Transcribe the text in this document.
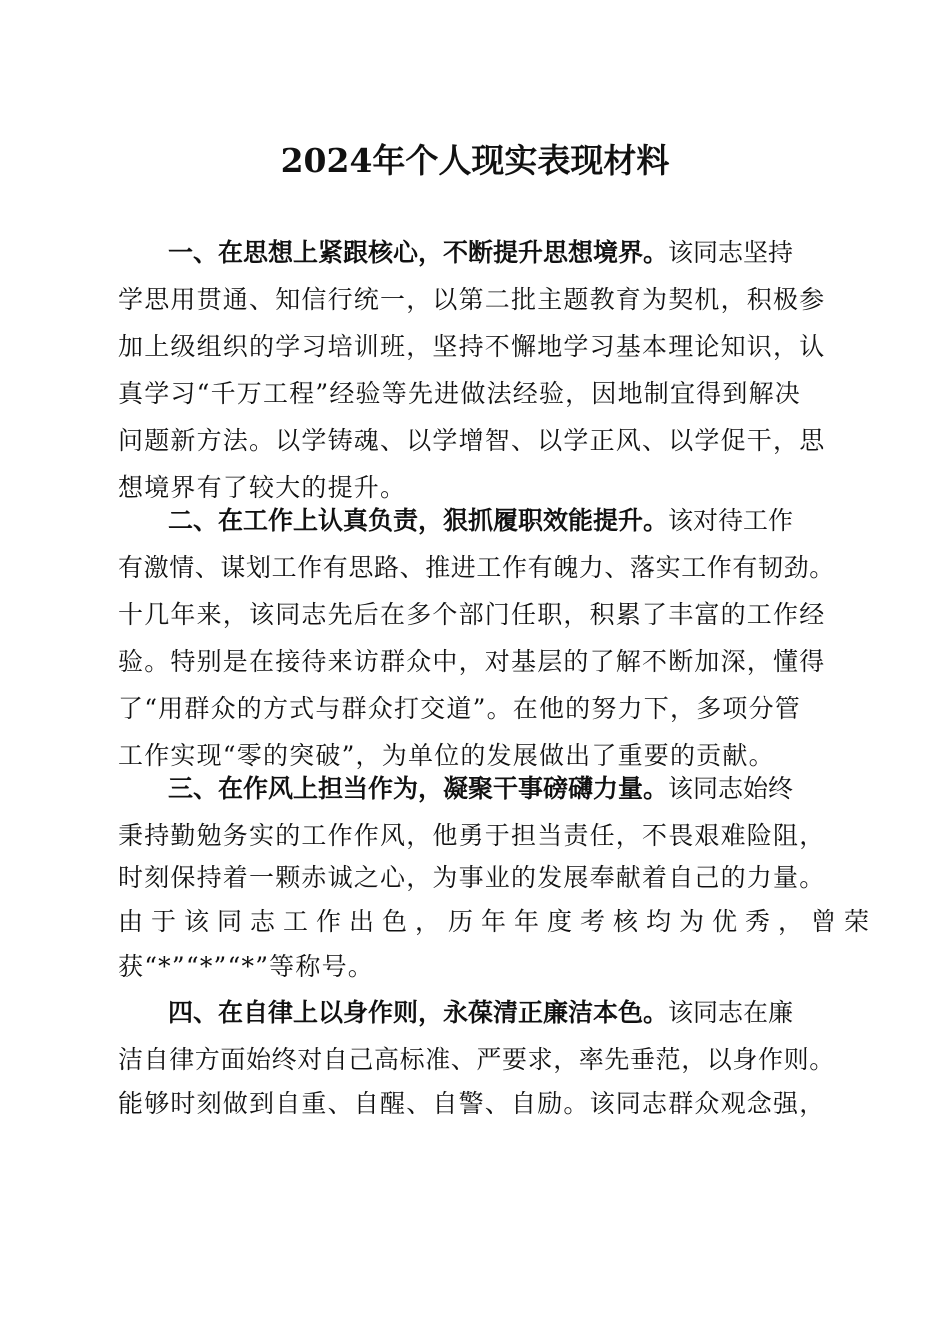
2024年个人现实表现材料
一、在思想上紧跟核心，不断提升思想境界。该同志坚持
学思用贯通、知信行统一，以第二批主题教育为契机，积极参
加上级组织的学习培训班，坚持不懈地学习基本理论知识，认
真学习“千万工程”经验等先进做法经验，因地制宜得到解决
问题新方法。以学铸魂、以学增智、以学正风、以学促干，思
想境界有了较大的提升。
二、在工作上认真负责，狠抓履职效能提升。该对待工作
有激情、谋划工作有思路、推进工作有魄力、落实工作有韧劲。
十几年来，该同志先后在多个部门任职，积累了丰富的工作经
验。特别是在接待来访群众中，对基层的了解不断加深，懂得
了“用群众的方式与群众打交道”。在他的努力下，多项分管
工作实现“零的突破”，为单位的发展做出了重要的贡献。
三、在作风上担当作为，凝聚干事磅礴力量。该同志始终
秉持勤勉务实的工作作风，他勇于担当责任，不畏艰难险阻，
时刻保持着一颗赤诚之心，为事业的发展奉献着自己的力量。
由于该同志工作出色，历年年度考核均为优秀，曾荣
获“*”“*”“*”等称号。
四、在自律上以身作则，永葆清正廉洁本色。该同志在廉
洁自律方面始终对自己高标准、严要求，率先垂范，以身作则。
能够时刻做到自重、自醒、自警、自励。该同志群众观念强，
